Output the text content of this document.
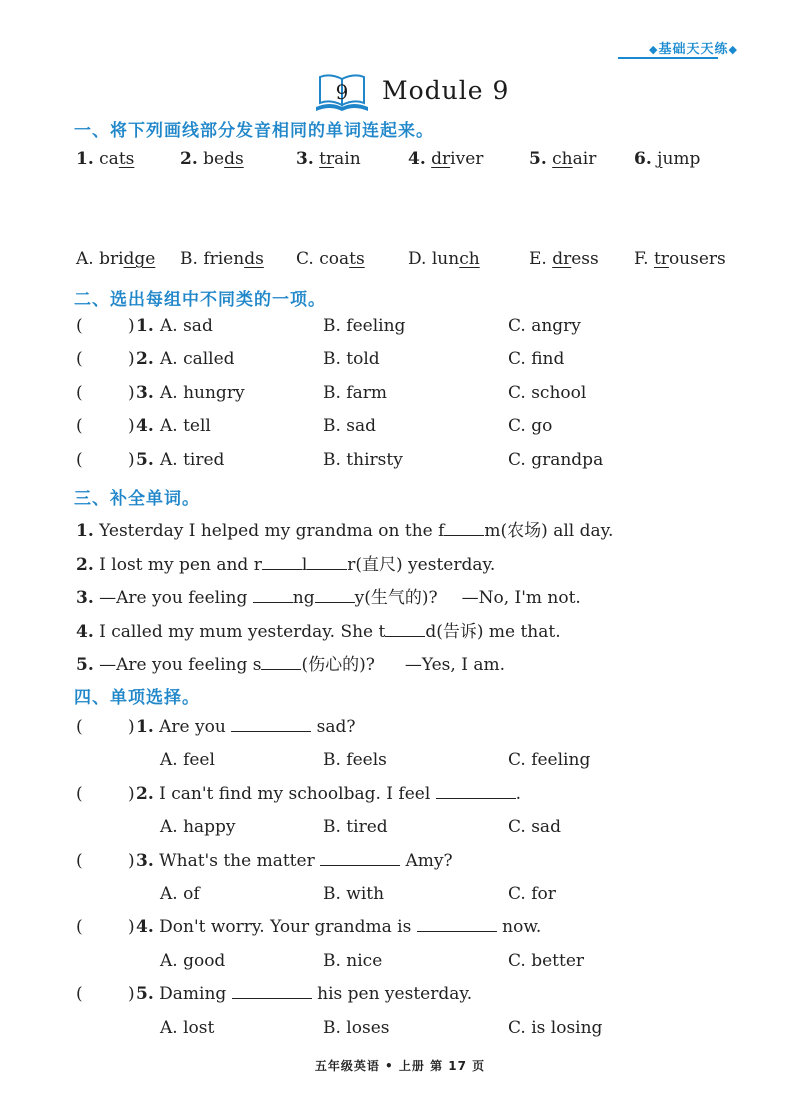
◆基础天天练◆
9 Module 9
一、将下列画线部分发音相同的单词连起来。
1. cats	2. beds	3. train	4. driver	5. chair 6. jump
A. bridge B. friends C. coats	D. lunch	E. dress F. trousers
二、选出每组中不同类的一项。
(	) 1. A. sad	B. feeling	C. angry
(	) 2. A. called	B. told	C. find
(	) 3. A. hungry	B. farm	C. school
(	) 4. A. tell	B. sad	C. go
(	) 5. A. tired	B. thirsty	C. grandpa
三、补全单词。
1. Yesterday I helped my grandma on the f m(农场) all day.
2. I lost my pen and r l r(直尺) yesterday.
3. —Are you feeling ng y(生气的)? —No, I'm not.
4. I called my mum yesterday. She t d(告诉) me that.
5. —Are you feeling s (伤心的)? —Yes, I am.
四、单项选择。
(	) 1. Are you	sad?
A. feel	B. feels	C. feeling
(	) 2. I can't find my schoolbag. I feel	.
A. happy	B. tired	C. sad
(	) 3. What's the matter	Amy?
A. of	B. with	C. for
(	) 4. Don't worry. Your grandma is	now.
A. good	B. nice	C. better
(	) 5. Daming	his pen yesterday.
A. lost	B. loses	C. is losing
五年级英语 • 上册 第 17 页
